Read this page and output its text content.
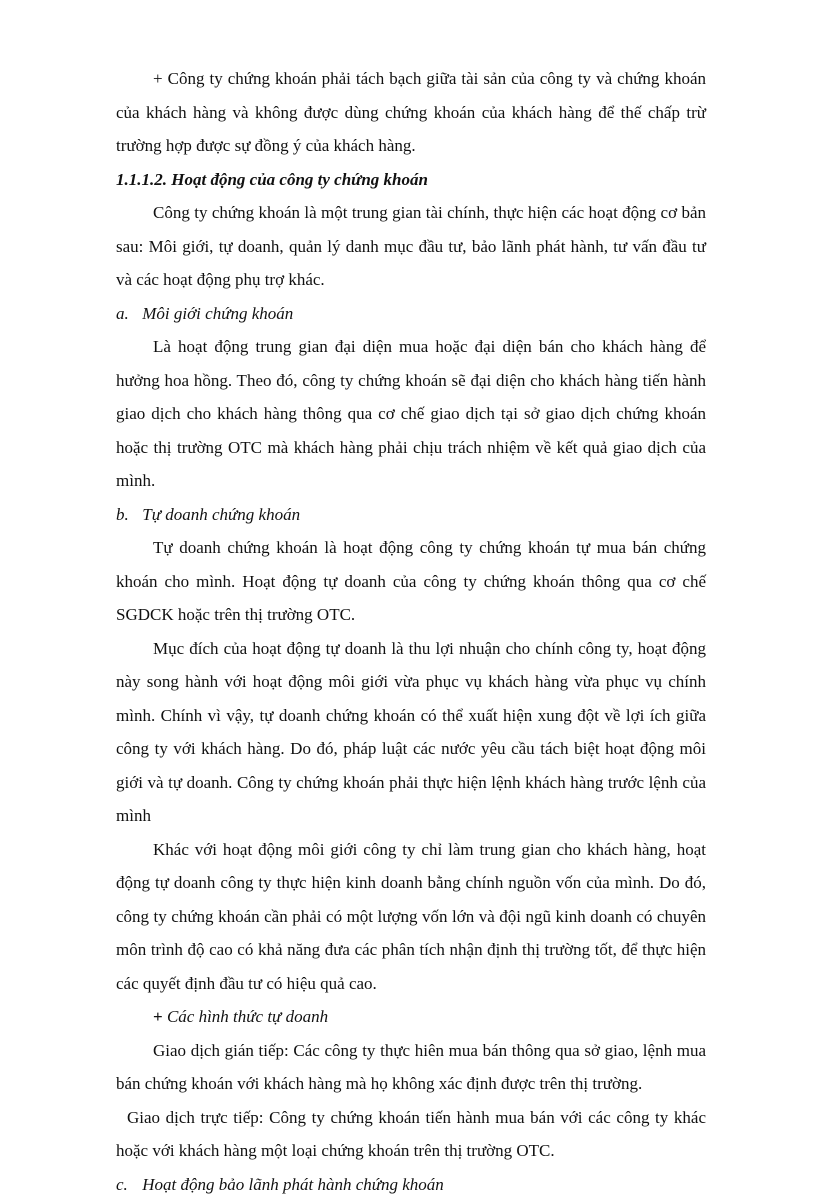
+ Công ty chứng khoán phải tách bạch giữa tài sản của công ty và chứng khoán của khách hàng và không được dùng chứng khoán của khách hàng để thế chấp trừ trường hợp được sự đồng ý của khách hàng.

1.1.1.2. Hoạt động của công ty chứng khoán

Công ty chứng khoán là một trung gian tài chính, thực hiện các hoạt động cơ bản sau: Môi giới, tự doanh, quản lý danh mục đầu tư, bảo lãnh phát hành, tư vấn đầu tư và các hoạt động phụ trợ khác.

a. Môi giới chứng khoán

Là hoạt động trung gian đại diện mua hoặc đại diện bán cho khách hàng để hưởng hoa hồng. Theo đó, công ty chứng khoán sẽ đại diện cho khách hàng tiến hành giao dịch cho khách hàng thông qua cơ chế giao dịch tại sở giao dịch chứng khoán hoặc thị trường OTC mà khách hàng phải chịu trách nhiệm về kết quả giao dịch của mình.

b. Tự doanh chứng khoán

Tự doanh chứng khoán là hoạt động công ty chứng khoán tự mua bán chứng khoán cho mình. Hoạt động tự doanh của công ty chứng khoán thông qua cơ chế SGDCK hoặc trên thị trường OTC.

Mục đích của hoạt động tự doanh là thu lợi nhuận cho chính công ty, hoạt động này song hành với hoạt động môi giới vừa phục vụ khách hàng vừa phục vụ chính mình. Chính vì vậy, tự doanh chứng khoán có thể xuất hiện xung đột về lợi ích giữa công ty với khách hàng. Do đó, pháp luật các nước yêu cầu tách biệt hoạt động môi giới và tự doanh. Công ty chứng khoán phải thực hiện lệnh khách hàng trước lệnh của mình

Khác với hoạt động môi giới công ty chỉ làm trung gian cho khách hàng, hoạt động tự doanh công ty thực hiện kinh doanh bằng chính nguồn vốn của mình. Do đó, công ty chứng khoán cần phải có một lượng vốn lớn và đội ngũ kinh doanh có chuyên môn trình độ cao có khả năng đưa các phân tích nhận định thị trường tốt, để thực hiện các quyết định đầu tư có hiệu quả cao.

+ Các hình thức tự doanh

Giao dịch gián tiếp: Các công ty thực hiên mua bán thông qua sở giao, lệnh mua bán chứng khoán với khách hàng mà họ không xác định được trên thị trường.

Giao dịch trực tiếp: Công ty chứng khoán tiến hành mua bán với các công ty khác hoặc với khách hàng một loại chứng khoán trên thị trường OTC.

c. Hoạt động bảo lãnh phát hành chứng khoán
